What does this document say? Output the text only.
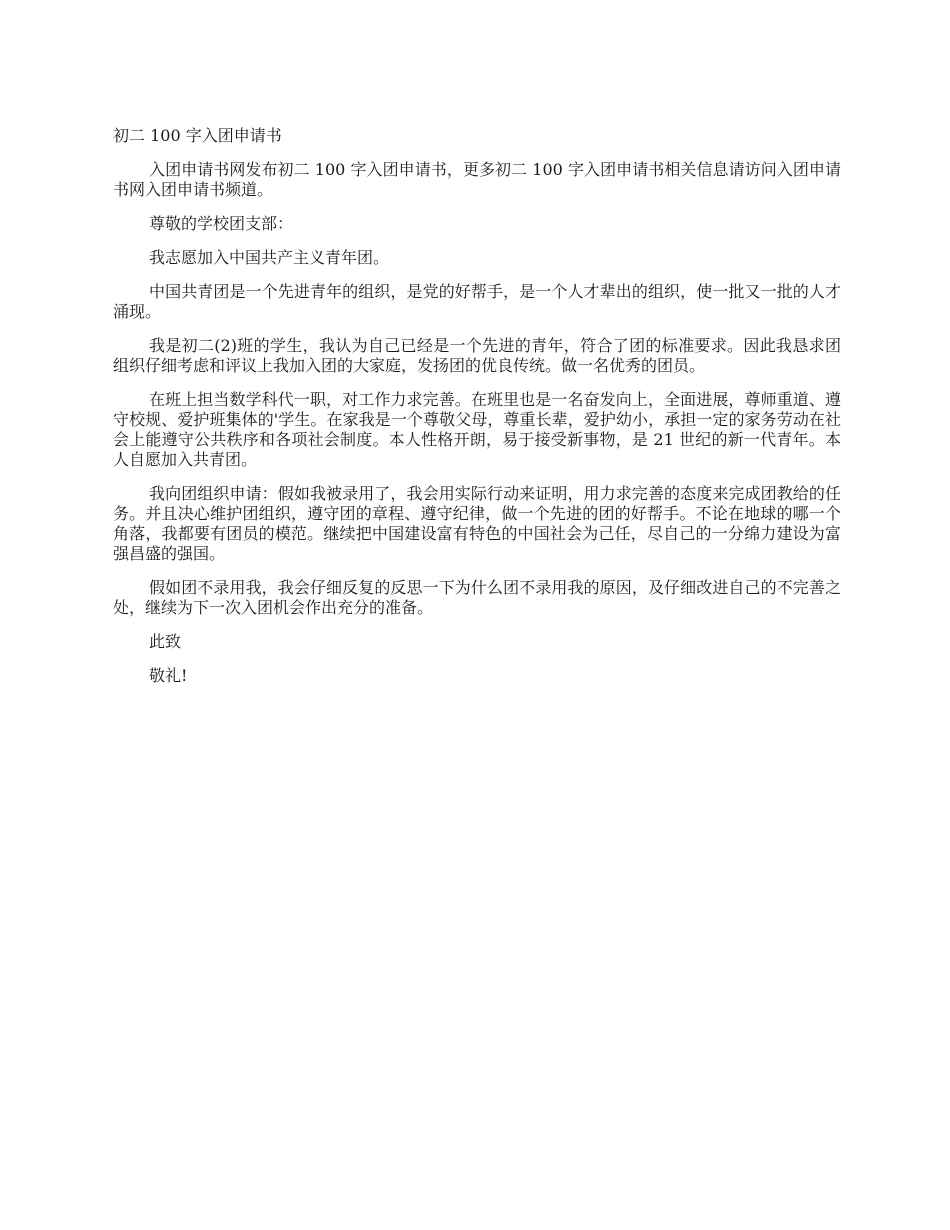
初二 100 字入团申请书

入团申请书网发布初二 100 字入团申请书，更多初二 100 字入团申请书相关信息请访问入团申请书网入团申请书频道。

尊敬的学校团支部：

我志愿加入中国共产主义青年团。

中国共青团是一个先进青年的组织，是党的好帮手，是一个人才辈出的组织，使一批又一批的人才涌现。

我是初二(2)班的学生，我认为自己已经是一个先进的青年，符合了团的标准要求。因此我恳求团组织仔细考虑和评议上我加入团的大家庭，发扬团的优良传统。做一名优秀的团员。

在班上担当数学科代一职，对工作力求完善。在班里也是一名奋发向上，全面进展，尊师重道、遵守校规、爱护班集体的'学生。在家我是一个尊敬父母，尊重长辈，爱护幼小，承担一定的家务劳动在社会上能遵守公共秩序和各项社会制度。本人性格开朗，易于接受新事物，是 21 世纪的新一代青年。本人自愿加入共青团。

我向团组织申请：假如我被录用了，我会用实际行动来证明，用力求完善的态度来完成团教给的任务。并且决心维护团组织，遵守团的章程、遵守纪律，做一个先进的团的好帮手。不论在地球的哪一个角落，我都要有团员的模范。继续把中国建设富有特色的中国社会为己任，尽自己的一分绵力建设为富强昌盛的强国。

假如团不录用我，我会仔细反复的反思一下为什么团不录用我的原因，及仔细改进自己的不完善之处，继续为下一次入团机会作出充分的准备。

此致

敬礼!
